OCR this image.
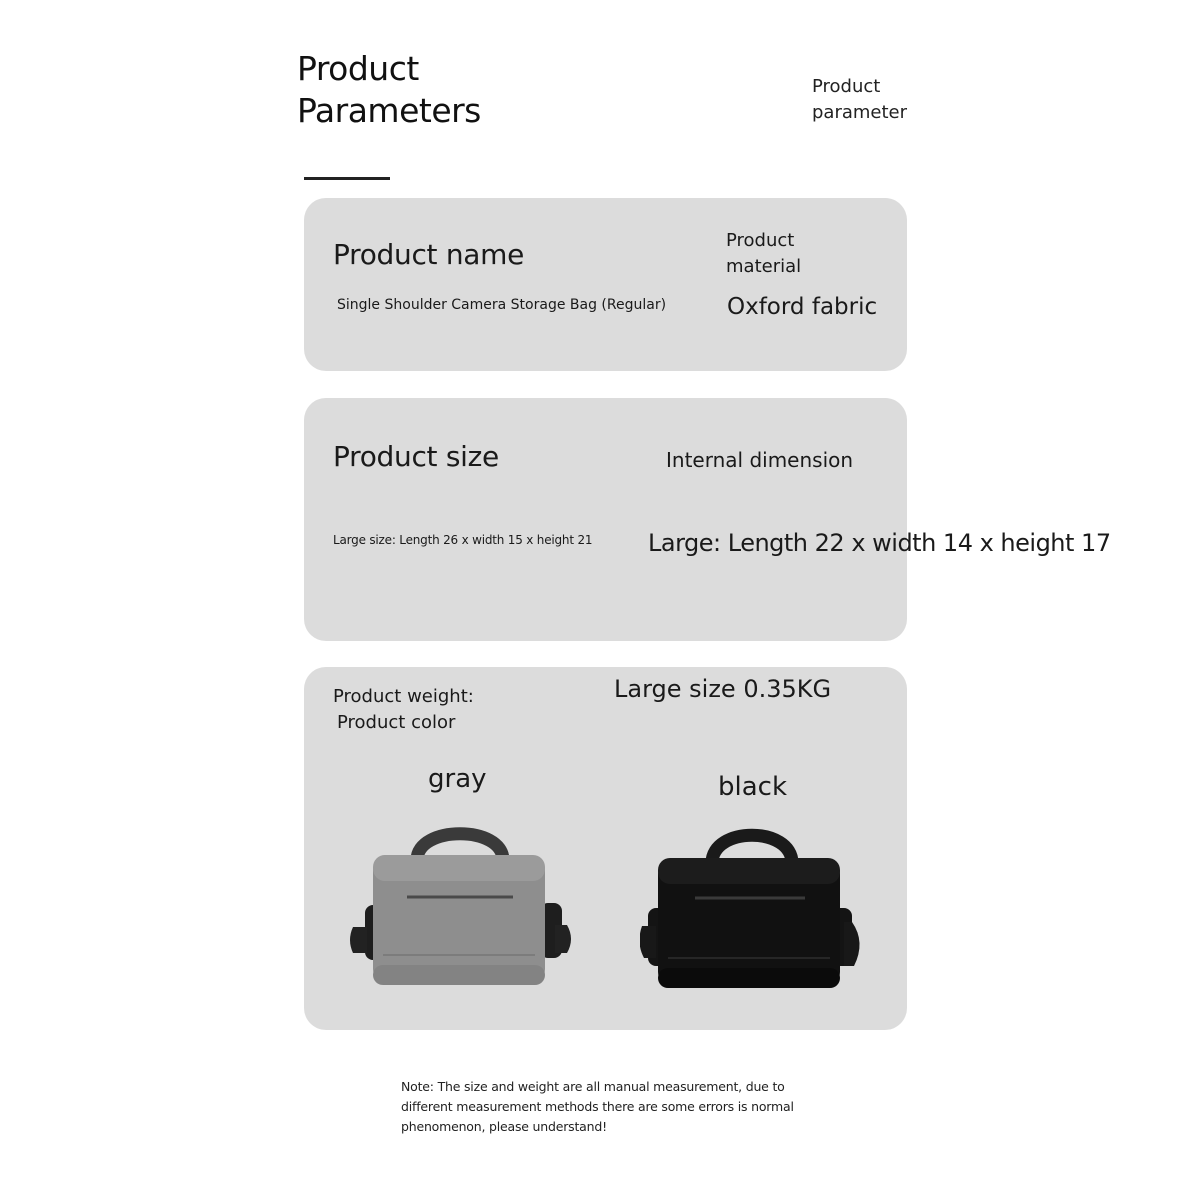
Product
Parameters
Product
parameter
Product name
Single Shoulder Camera Storage Bag (Regular)
Product
material
Oxford fabric
Product size	Internal dimension
Large size: Length 26 x width 15 x height 21 Large: Length 22 x width 14 x height 17
Product weight:
Product color
Large size 0.35KG
gray	black
Note: The size and weight are all manual measurement, due to different measurement methods there are some errors is normal phenomenon, please understand!
